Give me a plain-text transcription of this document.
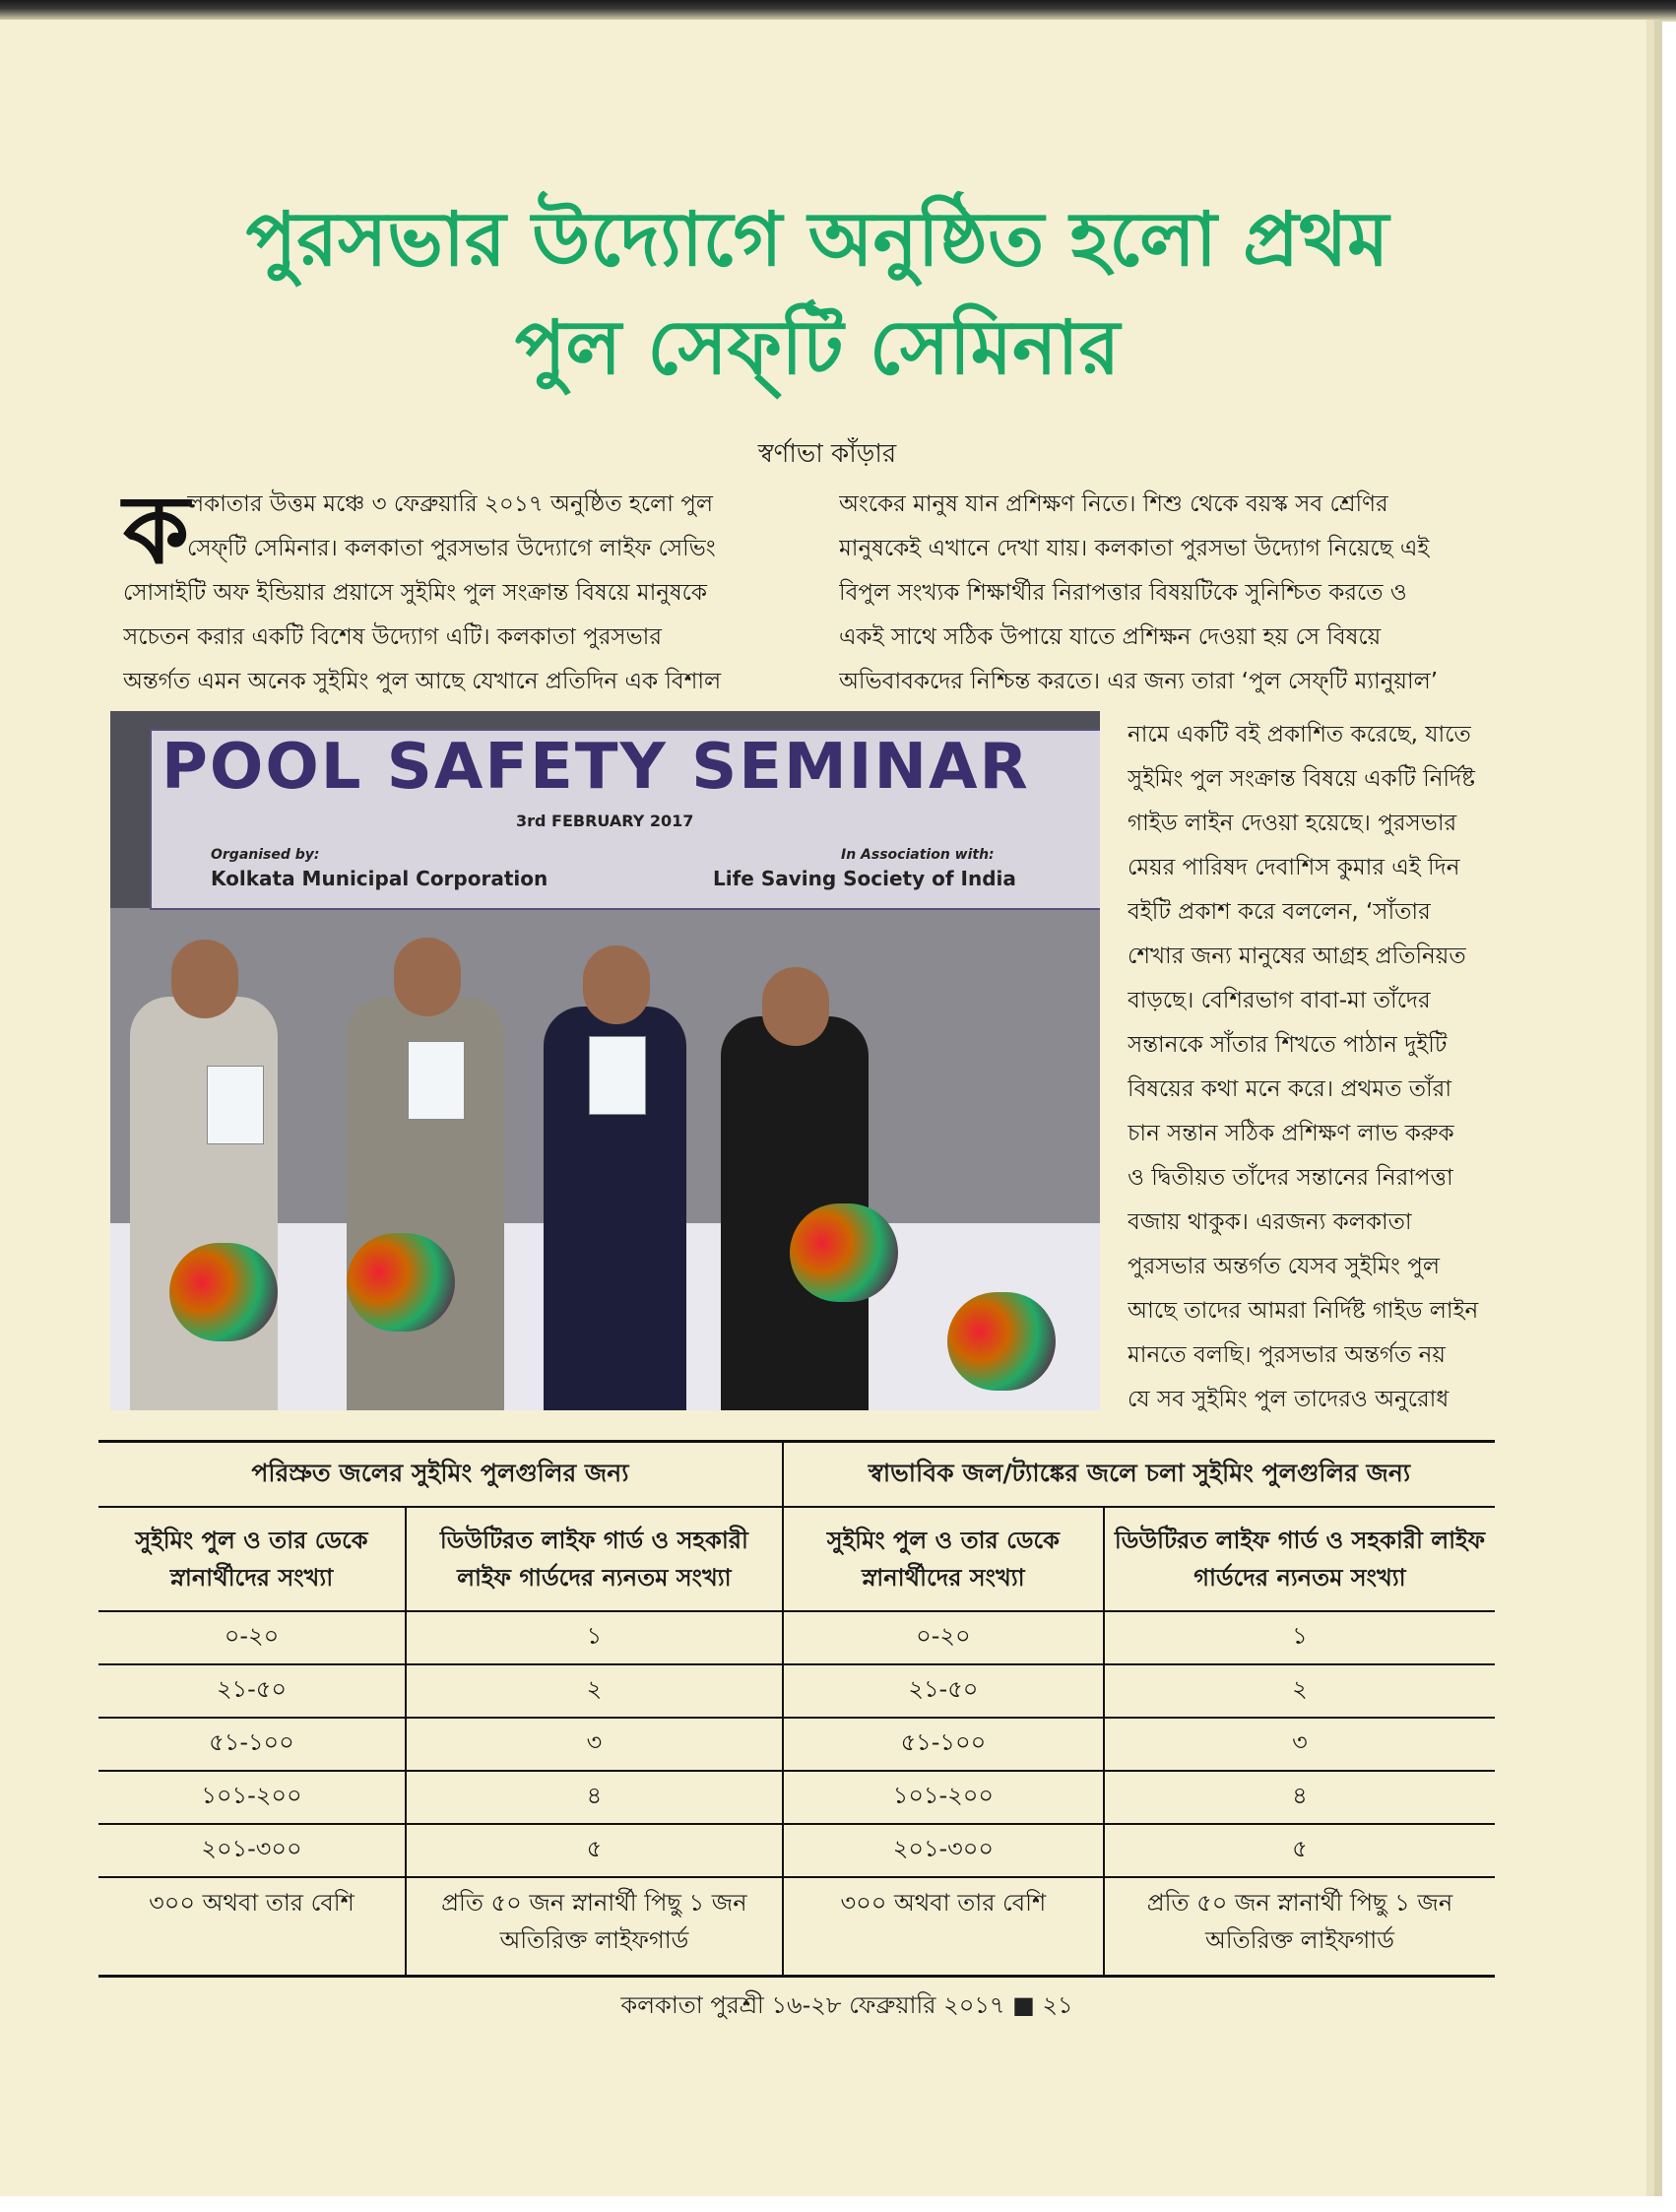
পুরসভার উদ্যোগে অনুষ্ঠিত হলো প্রথম
পুল সেফ্‌টি সেমিনার
স্বর্ণাভা কাঁড়ার
ক

লকাতার উত্তম মঞ্চে ৩ ফেব্রুয়ারি ২০১৭ অনুষ্ঠিত হলো পুল

সেফ্‌টি সেমিনার। কলকাতা পুরসভার উদ্যোগে লাইফ সেভিং

সোসাইটি অফ ইন্ডিয়ার প্রয়াসে সুইমিং পুল সংক্রান্ত বিষয়ে মানুষকে

সচেতন করার একটি বিশেষ উদ্যোগ এটি। কলকাতা পুরসভার

অন্তর্গত এমন অনেক সুইমিং পুল আছে যেখানে প্রতিদিন এক বিশাল

অংকের মানুষ যান প্রশিক্ষণ নিতে। শিশু থেকে বয়স্ক সব শ্রেণির

মানুষকেই এখানে দেখা যায়। কলকাতা পুরসভা উদ্যোগ নিয়েছে এই

বিপুল সংখ্যক শিক্ষার্থীর নিরাপত্তার বিষয়টিকে সুনিশ্চিত করতে ও

একই সাথে সঠিক উপায়ে যাতে প্রশিক্ষন দেওয়া হয় সে বিষয়ে

অভিবাবকদের নিশ্চিন্ত করতে। এর জন্য তারা ‘পুল সেফ্‌টি ম্যানুয়াল’

নামে একটি বই প্রকাশিত করেছে, যাতে

সুইমিং পুল সংক্রান্ত বিষয়ে একটি নির্দিষ্ট

গাইড লাইন দেওয়া হয়েছে। পুরসভার

মেয়র পারিষদ দেবাশিস কুমার এই দিন

বইটি প্রকাশ করে বললেন, ‘সাঁতার

শেখার জন্য মানুষের আগ্রহ প্রতিনিয়ত

বাড়ছে। বেশিরভাগ বাবা-মা তাঁদের

সন্তানকে সাঁতার শিখতে পাঠান দুইটি

বিষয়ের কথা মনে করে। প্রথমত তাঁরা

চান সন্তান সঠিক প্রশিক্ষণ লাভ করুক

ও দ্বিতীয়ত তাঁদের সন্তানের নিরাপত্তা

বজায় থাকুক। এরজন্য কলকাতা

পুরসভার অন্তর্গত যেসব সুইমিং পুল

আছে তাদের আমরা নির্দিষ্ট গাইড লাইন

মানতে বলছি। পুরসভার অন্তর্গত নয়

যে সব সুইমিং পুল তাদেরও অনুরোধ

POOL SAFETY SEMINAR
3rd FEBRUARY 2017
Organised by:
Kolkata Municipal Corporation
In Association with:
Life Saving Society of India
পরিস্রুত জলের সুইমিং পুলগুলির জন্য		স্বাভাবিক জল/ট্যাঙ্কের জলে চলা সুইমিং পুলগুলির জন্য	
সুইমিং পুল ও তার ডেকে স্নানার্থীদের সংখ্যা	ডিউটিরত লাইফ গার্ড ও সহকারী লাইফ গার্ডদের ন্যনতম সংখ্যা	সুইমিং পুল ও তার ডেকে স্নানার্থীদের সংখ্যা	ডিউটিরত লাইফ গার্ড ও সহকারী লাইফ গার্ডদের ন্যনতম সংখ্যা
০-২০	১	০-২০	১
২১-৫০	২	২১-৫০	২
৫১-১০০	৩	৫১-১০০	৩
১০১-২০০	৪	১০১-২০০	৪
২০১-৩০০	৫	২০১-৩০০	৫
৩০০ অথবা তার বেশি	প্রতি ৫০ জন স্নানার্থী পিছু ১ জন অতিরিক্ত লাইফগার্ড	৩০০ অথবা তার বেশি	প্রতি ৫০ জন স্নানার্থী পিছু ১ জন অতিরিক্ত লাইফগার্ড
কলকাতা পুরশ্রী ১৬-২৮ ফেব্রুয়ারি ২০১৭ ■ ২১
